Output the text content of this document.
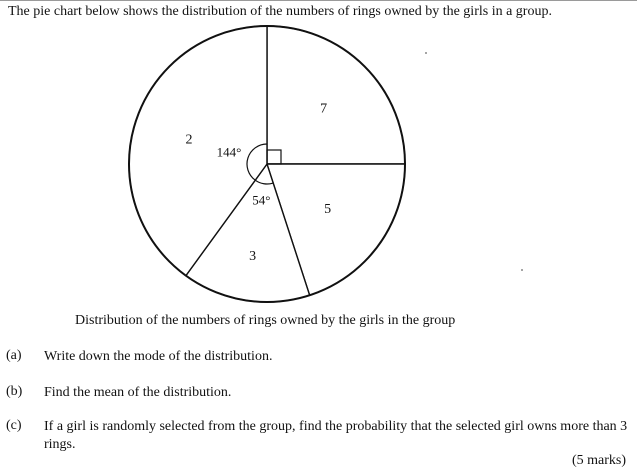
The pie chart below shows the distribution of the numbers of rings owned by the girls in a group.
7
5
3
2
54°
144°
Distribution of the numbers of rings owned by the girls in the group
(a) Write down the mode of the distribution.
(b) Find the mean of the distribution.
(c) If a girl is randomly selected from the group, find the probability that the selected girl owns more than 3 rings.
(5 marks)
